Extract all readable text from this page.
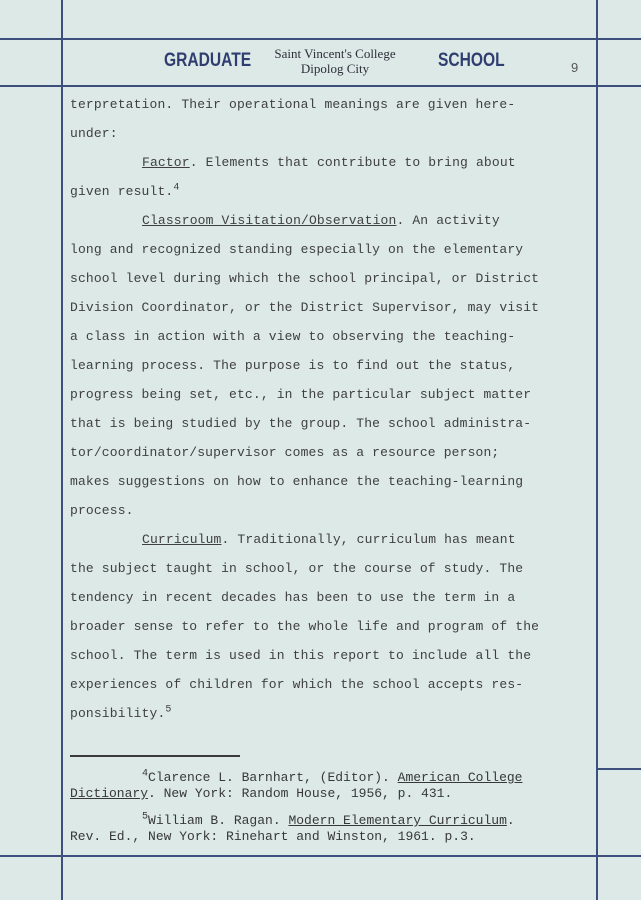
GRADUATE	Saint Vincent's College
Dipolog City	SCHOOL	9

terpretation. Their operational meanings are given here-

under:

Factor. Elements that contribute to bring about

given result.$^4$

Classroom Visitation/Observation. An activity

long and recognized standing especially on the elementary

school level during which the school principal, or District

Division Coordinator, or the District Supervisor, may visit

a class in action with a view to observing the teaching-

learning process. The purpose is to find out the status,

progress being set, etc., in the particular subject matter

that is being studied by the group. The school administra-

tor/coordinator/supervisor comes as a resource person;

makes suggestions on how to enhance the teaching-learning

process.

Curriculum. Traditionally, curriculum has meant

the subject taught in school, or the course of study. The

tendency in recent decades has been to use the term in a

broader sense to refer to the whole life and program of the

school. The term is used in this report to include all the

experiences of children for which the school accepts res-

ponsibility.$^5$

$^4$Clarence L. Barnhart, (Editor). American College
Dictionary. New York: Random House, 1956, p. 431.
$^5$William B. Ragan. Modern Elementary Curriculum.
Rev. Ed., New York: Rinehart and Winston, 1961. p.3.
